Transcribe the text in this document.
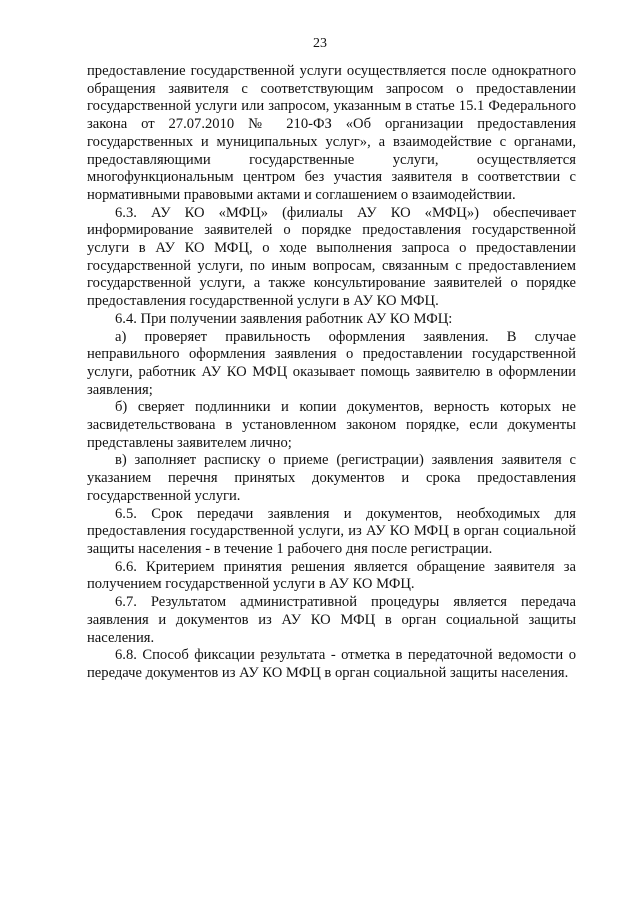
23

предоставление государственной услуги осуществляется после однократного обращения заявителя с соответствующим запросом о предоставлении государственной услуги или запросом, указанным в статье 15.1 Федерального закона от 27.07.2010 № 210-ФЗ «Об организации предоставления государственных и муниципальных услуг», а взаимодействие с органами, предоставляющими государственные услуги, осуществляется многофункциональным центром без участия заявителя в соответствии с нормативными правовыми актами и соглашением о взаимодействии.

6.3. АУ КО «МФЦ» (филиалы АУ КО «МФЦ») обеспечивает информирование заявителей о порядке предоставления государственной услуги в АУ КО МФЦ, о ходе выполнения запроса о предоставлении государственной услуги, по иным вопросам, связанным с предоставлением государственной услуги, а также консультирование заявителей о порядке предоставления государственной услуги в АУ КО МФЦ.

6.4. При получении заявления работник АУ КО МФЦ:

а) проверяет правильность оформления заявления. В случае неправильного оформления заявления о предоставлении государственной услуги, работник АУ КО МФЦ оказывает помощь заявителю в оформлении заявления;

б) сверяет подлинники и копии документов, верность которых не засвидетельствована в установленном законом порядке, если документы представлены заявителем лично;

в) заполняет расписку о приеме (регистрации) заявления заявителя с указанием перечня принятых документов и срока предоставления государственной услуги.

6.5. Срок передачи заявления и документов, необходимых для предоставления государственной услуги, из АУ КО МФЦ в орган социальной защиты населения - в течение 1 рабочего дня после регистрации.

6.6. Критерием принятия решения является обращение заявителя за получением государственной услуги в АУ КО МФЦ.

6.7. Результатом административной процедуры является передача заявления и документов из АУ КО МФЦ в орган социальной защиты населения.

6.8. Способ фиксации результата - отметка в передаточной ведомости о передаче документов из АУ КО МФЦ в орган социальной защиты населения.
